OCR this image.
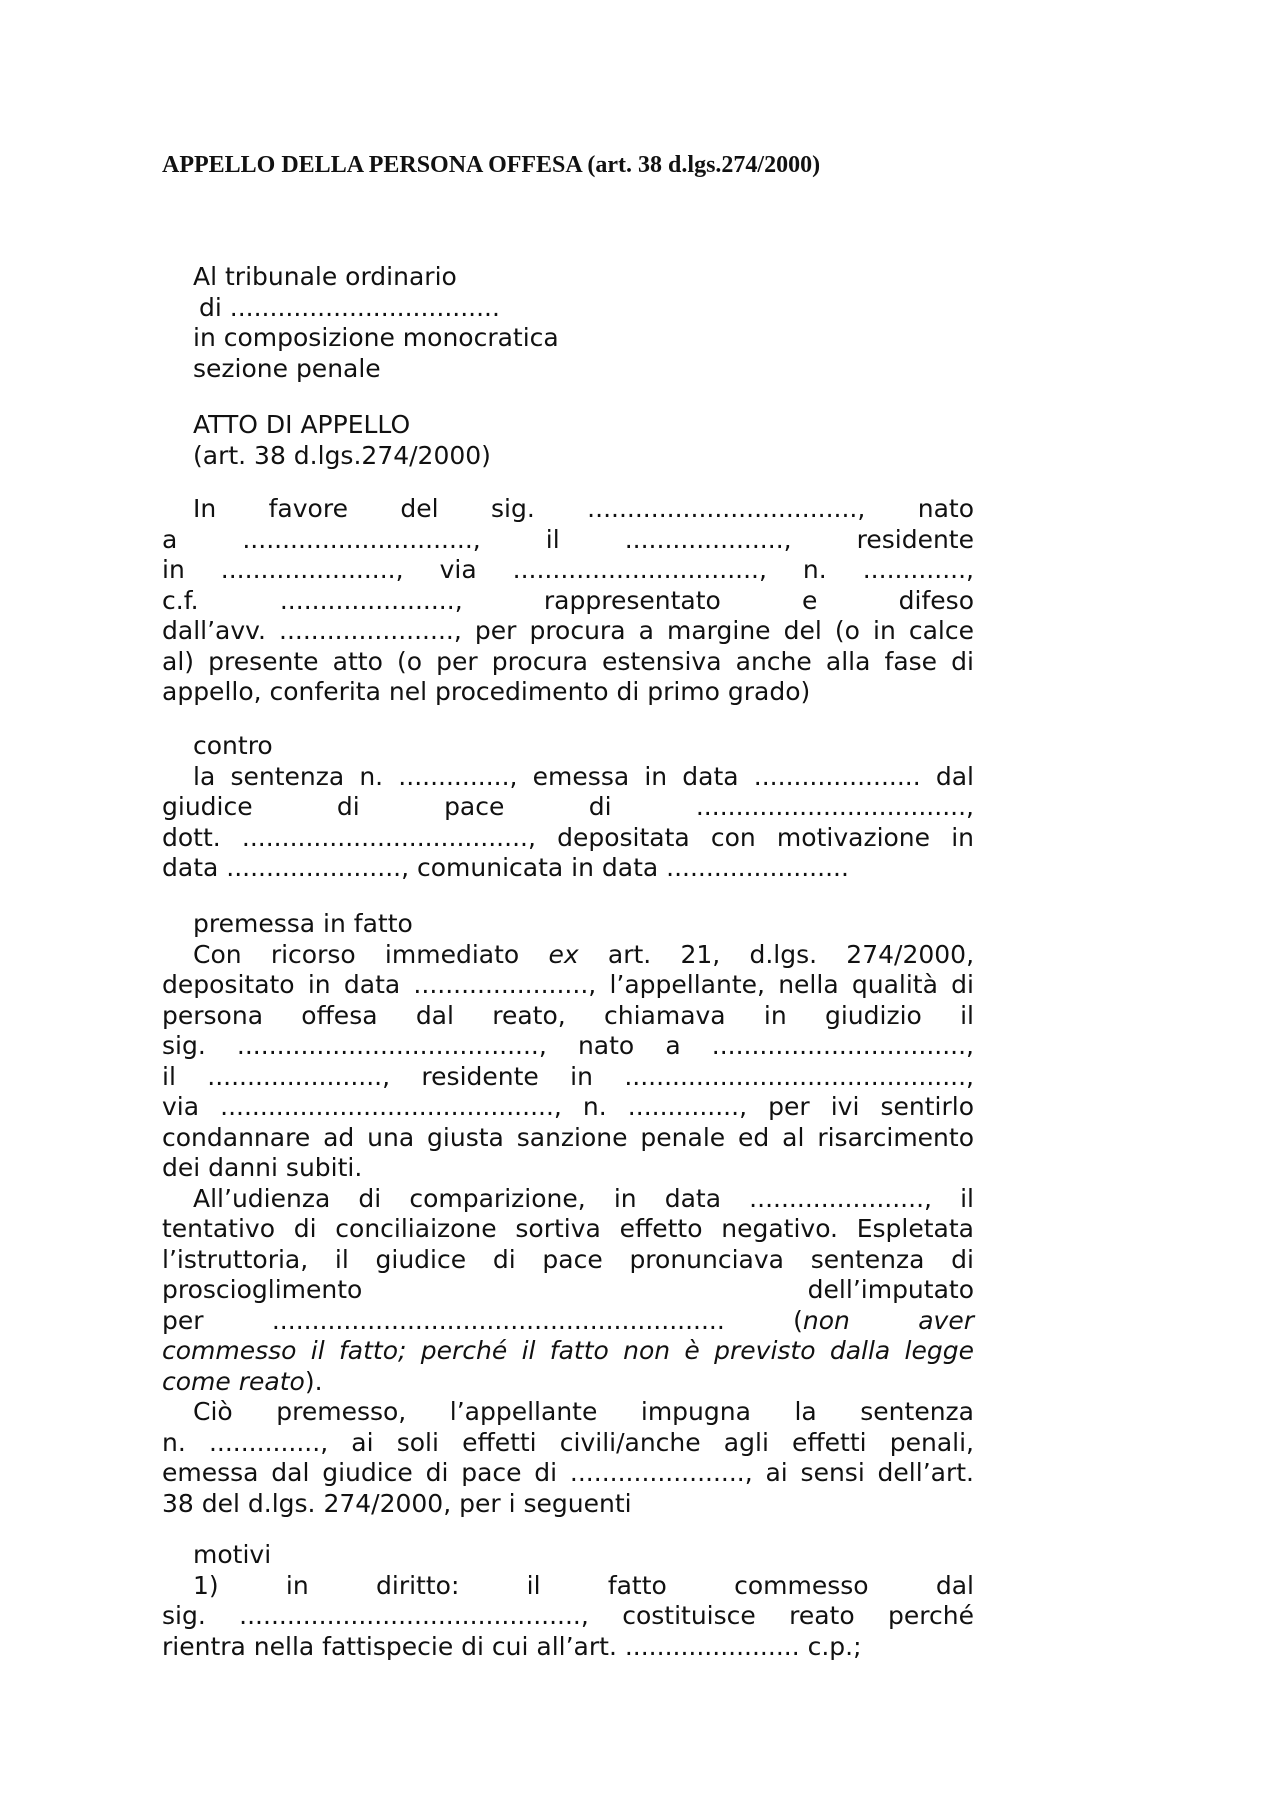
APPELLO DELLA PERSONA OFFESA (art. 38 d.lgs.274/2000)
Al tribunale ordinario
di ..................................
in composizione monocratica
sezione penale
ATTO DI APPELLO
(art. 38 d.lgs.274/2000)
In favore del sig. .................................., nato
a ............................., il ...................., residente
in ......................, via ..............................., n. .............,
c.f. ......................, rappresentato e difeso
dall’avv. ......................, per procura a margine del (o in calce
al) presente atto (o per procura estensiva anche alla fase di
appello, conferita nel procedimento di primo grado)
contro
la sentenza n. .............., emessa in data ..................... dal
giudice di pace di ..................................,
dott. ...................................., depositata con motivazione in
data ......................, comunicata in data .......................
premessa in fatto
Con ricorso immediato ex art. 21, d.lgs. 274/2000,
depositato in data ......................, l’appellante, nella qualità di
persona offesa dal reato, chiamava in giudizio il
sig. ......................................, nato a ................................,
il ......................, residente in ...........................................,
via .........................................., n. .............., per ivi sentirlo
condannare ad una giusta sanzione penale ed al risarcimento
dei danni subiti.
All’udienza di comparizione, in data ......................, il
tentativo di conciliaizone sortiva effetto negativo. Espletata
l’istruttoria, il giudice di pace pronunciava sentenza di
proscioglimento dell’imputato
per ......................................................... (non aver
commesso il fatto; perché il fatto non è previsto dalla legge
come reato).
Ciò premesso, l’appellante impugna la sentenza
n. .............., ai soli effetti civili/anche agli effetti penali,
emessa dal giudice di pace di ......................, ai sensi dell’art.
38 del d.lgs. 274/2000, per i seguenti
motivi
1) in diritto: il fatto commesso dal
sig. ..........................................., costituisce reato perché
rientra nella fattispecie di cui all’art. ...................... c.p.;
